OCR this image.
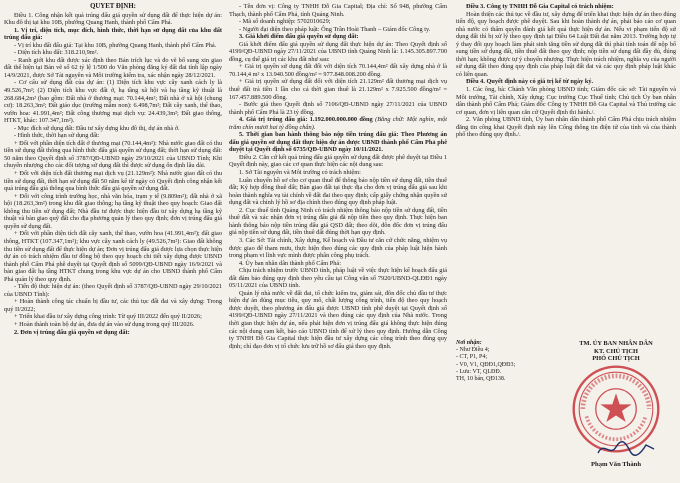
QUYẾT ĐỊNH:

Điều 1. Công nhận kết quả trúng đấu giá quyền sử dụng đất để thực hiện dự án: Khu đô thị tại khu 10B, phường Quang Hanh, thành phố Cẩm Phả.

1. Vị trí, diện tích, mục đích, hình thức, thời hạn sử dụng đất của khu đất trúng đấu giá:

- Vị trí khu đất đấu giá: Tại khu 10B, phường Quang Hanh, thành phố Cẩm Phả.

- Diện tích khu đất: 318.210,9m².

- Ranh giới khu đất được xác định theo Bản trích lục và đo vẽ bổ sung xin giao đất thể hiện tại Bản vẽ số 62 tỷ lệ 1/500 do Văn phòng đăng ký đất đai tỉnh lập ngày 14/9/2021, được Sở Tài nguyên và Môi trường kiểm tra, xác nhận ngày 28/12/2021.

- Cơ cấu sử dụng đất của dự án: (1) Diện tích khu vực cây xanh cách ly là 49.526,7m²; (2) Diện tích khu vực đất ở, hạ tầng xã hội và hạ tầng kỹ thuật là 268.684,2m² (bao gồm: Đất nhà ở thương mại: 70.144,4m²; Đất nhà ở xã hội (chung cư): 18.263,3m²; Đất giáo dục (trường mầm non): 6.498,7m²; Đất cây xanh, thể thao, vườn hoa: 41.991,4m²; Đất công thương mại dịch vụ: 24.439,3m²; Đất giao thông, HTKT, khác: 107.347,1m²).

- Mục đích sử dụng đất: Đầu tư xây dựng khu đô thị, dự án nhà ở.

- Hình thức, thời hạn sử dụng đất:

+ Đối với phần diện tích đất ở thương mại (70.144,4m²): Nhà nước giao đất có thu tiền sử dụng đất thông qua hình thức đấu giá quyền sử dụng đất; thời hạn sử dụng đất: 50 năm theo Quyết định số 3787/QĐ-UBND ngày 29/10/2021 của UBND Tỉnh; Khi chuyển nhượng cho các đối tượng sử dụng đất thì được sử dụng ổn định lâu dài.

+ Đối với diện tích đất thương mại dịch vụ (21.129m²): Nhà nước giao đất có thu tiền sử dụng đất, thời hạn sử dụng đất 50 năm kể từ ngày có Quyết định công nhận kết quả trúng đấu giá thông qua hình thức đấu giá quyền sử dụng đất.

+ Đối với công trình trường học, nhà văn hóa, trạm y tế (9.809m²); đất nhà ở xã hội (18.263,3m²) trong khu đất giao thông; hạ tầng kỹ thuật theo quy hoạch: Giao đất không thu tiền sử dụng đất; Nhà đầu tư được thực hiện đầu tư xây dựng hạ tầng kỹ thuật và bàn giao quỹ đất cho địa phương quản lý theo quy định; đơn vị trúng đấu giá quyền sử dụng đất.

+ Đối với phần diện tích đất cây xanh, thể thao, vườn hoa (41.991,4m²); đất giao thông, HTKT (107.347,1m²); khu vực cây xanh cách ly (49.526,7m²): Giao đất không thu tiền sử dụng đất để thực hiện dự án; Đơn vị trúng đấu giá được lựa chọn thực hiện dự án có trách nhiệm đầu tư đồng bộ theo quy hoạch chi tiết xây dựng được UBND thành phố Cẩm Phả phê duyệt tại Quyết định số 5099/QĐ-UBND ngày 16/9/2021 và bàn giao đất hạ tầng HTKT chung trong khu vực dự án cho UBND thành phố Cẩm Phả quản lý theo quy định.

- Tiến độ thực hiện dự án: (theo Quyết định số 3787/QĐ-UBND ngày 29/10/2021 của UBND Tỉnh):

+ Hoàn thành công tác chuẩn bị đầu tư, các thủ tục đất đai và xây dựng: Trong quý II/2022;

+ Triển khai đầu tư xây dựng công trình: Từ quý III/2022 đến quý II/2026;

+ Hoàn thành toàn bộ dự án, đưa dự án vào sử dụng trong quý III/2026.

2. Đơn vị trúng đấu giá quyền sử dụng đất:

- Tên đơn vị: Công ty TNHH Đỗ Gia Capital; Địa chỉ: Số 948, phường Cẩm Thạch, thành phố Cẩm Phả, tỉnh Quảng Ninh.

- Mã số doanh nghiệp: 5702010629;

- Người đại diện theo pháp luật: Ông Trần Hoài Thanh – Giám đốc Công ty.

3. Giá khởi điểm đấu giá quyền sử dụng đất:

Giá khởi điểm đấu giá quyền sử dụng đất thực hiện dự án: Theo Quyết định số 4199/QĐ-UBND ngày 27/11/2021 của UBND tỉnh Quảng Ninh là: 1.145.305.897.700 đồng, cụ thể giá trị các khu đất như sau:

+ Giá trị quyền sử dụng đất đối với diện tích 70.144,4m² đất xây dựng nhà ở là 70.144,4 m² x 13.940.500 đồng/m² = 977.848.008.200 đồng.

+ Giá trị quyền sử dụng đất đối với diện tích 21.129m² đất thương mại dịch vụ thuê đất trả tiền 1 lần cho cả thời gian thuê là 21.129m² x 7.925.500 đồng/m² = 167.457.889.500 đồng.

- Bước giá theo Quyết định số 7106/QĐ-UBND ngày 27/11/2021 của UBND thành phố Cẩm Phả là 23 tỷ đồng.

4. Giá trị trúng đấu giá: 1.192.000.000.000 đồng (Bằng chữ: Một nghìn, một trăm chín mươi hai tỷ đồng chẵn).

5. Thời gian ban hành thông báo nộp tiền trúng đấu giá: Theo Phương án đấu giá quyền sử dụng đất thực hiện dự án được UBND thành phố Cẩm Phả phê duyệt tại Quyết định số 6735/QĐ-UBND ngày 10/11/2021.

Điều 2. Căn cứ kết quả trúng đấu giá quyền sử dụng đất được phê duyệt tại Điều 1 Quyết định này, giao các cơ quan thực hiện các nội dung sau:

1. Sở Tài nguyên và Môi trường có trách nhiệm:

Luân chuyển hồ sơ cho cơ quan thuế để thông báo nộp tiền sử dụng đất, tiền thuê đất; Ký hợp đồng thuê đất; Bàn giao đất tại thực địa cho đơn vị trúng đấu giá sau khi hoàn thành nghĩa vụ tài chính về đất đai theo quy định; cấp giấy chứng nhận quyền sử dụng đất và chỉnh lý hồ sơ địa chính theo đúng quy định pháp luật.

2. Cục thuế tỉnh Quảng Ninh có trách nhiệm thông báo nộp tiền sử dụng đất, tiền thuê đất và xác nhận đơn vị trúng đấu giá đã nộp tiền theo quy định. Thực hiện ban hành thông báo nộp tiền trúng đấu giá QSD đất; theo dõi, đôn đốc đơn vị trúng đấu giá nộp tiền sử dụng đất, tiền thuê đất đúng thời hạn quy định.

3. Các Sở: Tài chính, Xây dựng, Kế hoạch và Đầu tư căn cứ chức năng, nhiệm vụ được giao để tham mưu, thực hiện theo đúng các quy định của pháp luật hiện hành trong phạm vi lĩnh vực mình được phân công phụ trách.

4. Ủy ban nhân dân thành phố Cẩm Phả:

Chịu trách nhiệm trước UBND tỉnh, pháp luật về việc thực hiện kế hoạch đấu giá đất đảm bảo đúng quy định theo yêu cầu tại Công văn số 7920/UBND-QLĐĐ1 ngày 05/11/2021 của UBND tỉnh.

Quản lý nhà nước về đất đai, tổ chức kiểm tra, giám sát, đôn đốc chủ đầu tư thực hiện dự án đúng mục tiêu, quy mô, chất lượng công trình, tiến độ theo quy hoạch được duyệt, theo phương án đấu giá được UBND tỉnh phê duyệt tại Quyết định số 4199/QĐ-UBND ngày 27/11/2021 và theo đúng các quy định của Nhà nước. Trong thời gian thực hiện dự án, nếu phát hiện đơn vị trúng đấu giá không thực hiện đúng các nội dung cam kết, báo cáo UBND tỉnh để xử lý theo quy định. Hướng dẫn Công ty TNHH Đỗ Gia Capital thực hiện đầu tư xây dựng các công trình theo đúng quy định; chỉ đạo đơn vị tổ chức lưu trữ hồ sơ đấu giá theo quy định.

Điều 3. Công ty TNHH Đỗ Gia Capital có trách nhiệm:

Hoàn thiện các thủ tục về đầu tư, xây dựng để triển khai thực hiện dự án theo đúng tiến độ, quy hoạch được phê duyệt. Sau khi hoàn thành dự án, phải báo cáo cơ quan nhà nước có thẩm quyền đánh giá kết quả thực hiện dự án. Nếu vi phạm tiến độ sử dụng đất thì bị xử lý theo quy định tại Điều 64 Luật Đất đai năm 2013. Trường hợp tự ý thay đổi quy hoạch làm phát sinh tăng tiền sử dụng đất thì phải tính toán để nộp bổ sung tiền sử dụng đất, tiền thuê đất theo quy định; nộp tiền sử dụng đất đầy đủ, đúng thời hạn; không được tự ý chuyển nhượng. Thực hiện trách nhiệm, nghĩa vụ của người sử dụng đất theo đúng quy định của pháp luật đất đai và các quy định pháp luật khác có liên quan.

Điều 4. Quyết định này có giá trị kể từ ngày ký.

1. Các ông, bà: Chánh Văn phòng UBND tỉnh; Giám đốc các sở: Tài nguyên và Môi trường, Tài chính, Xây dựng; Cục trưởng Cục Thuế tỉnh; Chủ tịch Ủy ban nhân dân thành phố Cẩm Phả; Giám đốc Công ty TNHH Đỗ Gia Capital và Thủ trưởng các cơ quan, đơn vị liên quan căn cứ Quyết định thi hành./.

2. Văn phòng UBND tỉnh, Ủy ban nhân dân thành phố Cẩm Phả chịu trách nhiệm đăng tin công khai Quyết định này lên Cổng thông tin điện tử của tỉnh và của thành phố theo đúng quy định./.

Nơi nhận:
- Như Điều 4;
- CT, P1, P4;
- V0, V1, QĐĐ1,QĐĐ3;
- Lưu: VT, QLĐĐ.
TH, 10 bản, QĐ138.
TM. ỦY BAN NHÂN DÂN
KT. CHỦ TỊCH
PHÓ CHỦ TỊCH
Phạm Văn Thành
